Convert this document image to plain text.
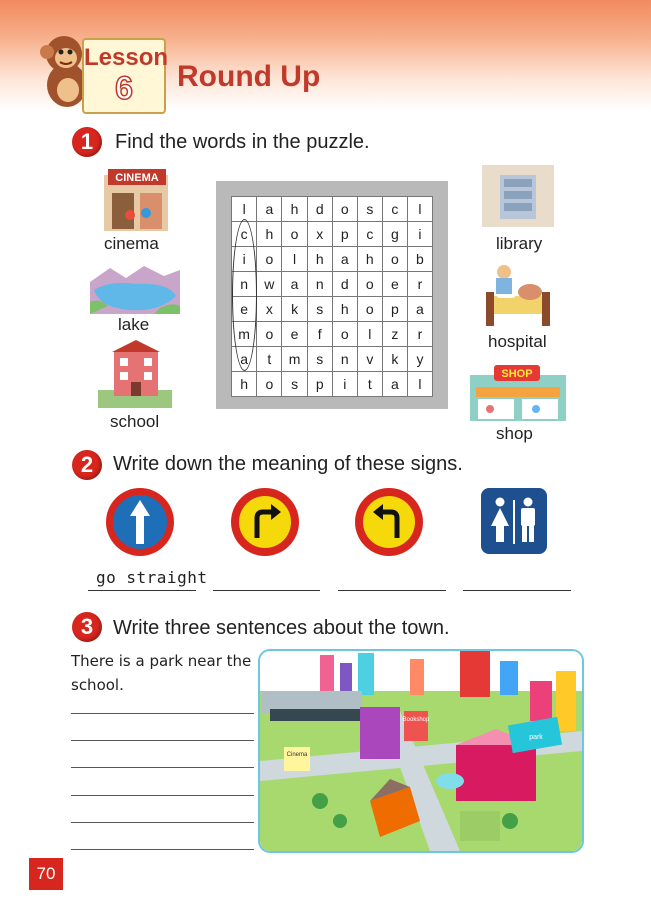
Lesson
6	Round Up
1	Find the words in the puzzle.
CINEMA
cinema
lake
school
l	a	h	d	o	s	c	l
c	h	o	x	p	c	g	i
i	o	l	h	a	h	o	b
n	w	a	n	d	o	e	r
e	x	k	s	h	o	p	a
m	o	e	f	o	l	z	r
a	t	m	s	n	v	k	y
h	o	s	p	i	t	a	l
library
hospital
SHOP
shop
2 Write down the meaning of these signs.
go straight
3 Write three sentences about the town.
There is a park near the
school.
Bookshop
Cinema
park
70
